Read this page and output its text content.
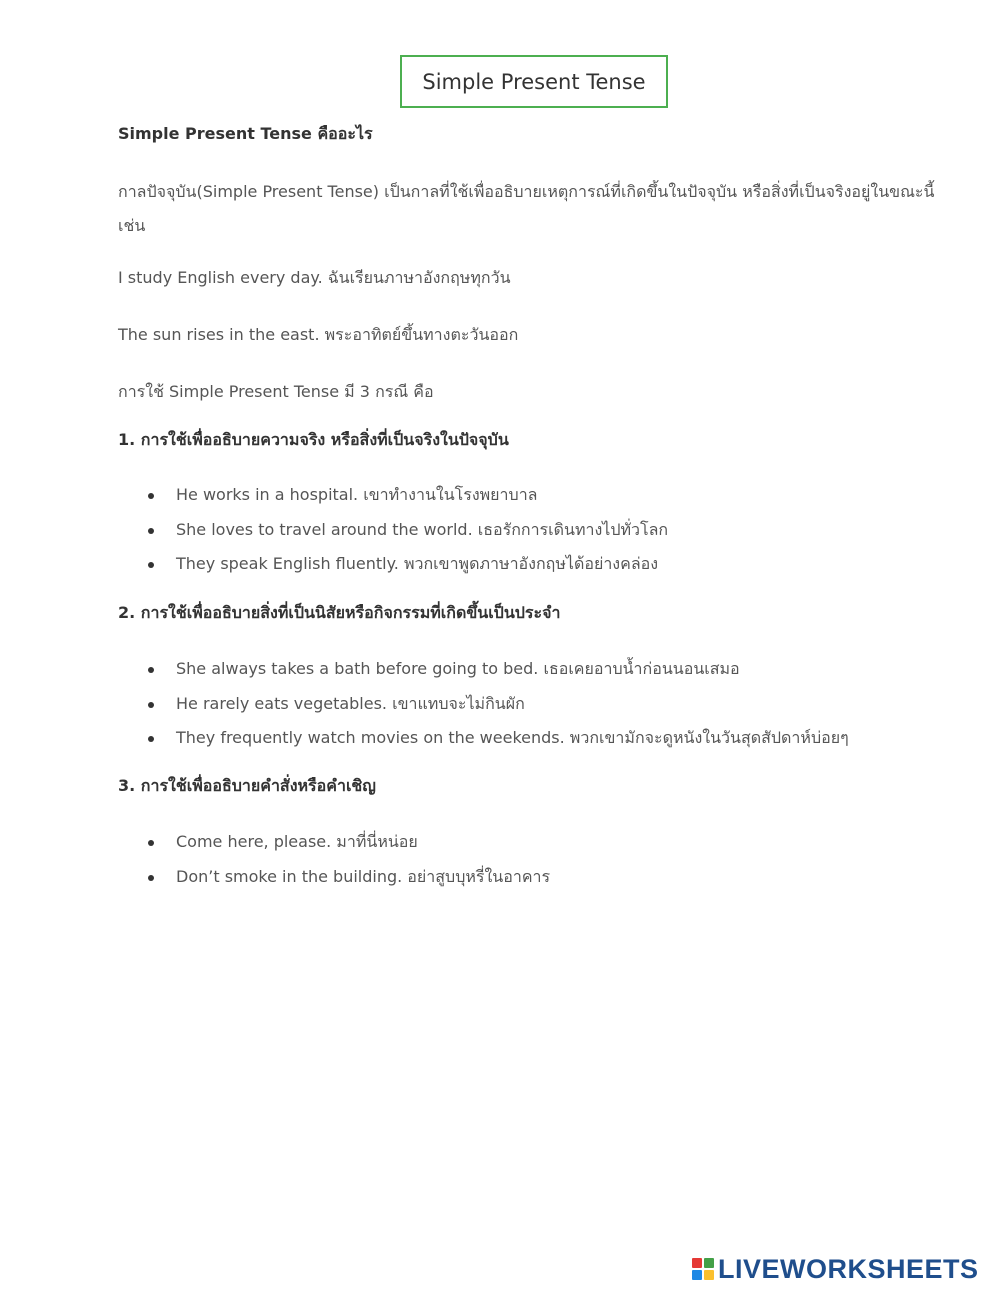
Simple Present Tense

Simple Present Tense คืออะไร

กาลปัจจุบัน(Simple Present Tense) เป็นกาลที่ใช้เพื่ออธิบายเหตุการณ์ที่เกิดขึ้นในปัจจุบัน หรือสิ่งที่เป็นจริงอยู่ในขณะนี้ เช่น

I study English every day. ฉันเรียนภาษาอังกฤษทุกวัน

The sun rises in the east. พระอาทิตย์ขึ้นทางตะวันออก

การใช้ Simple Present Tense มี 3 กรณี คือ

1. การใช้เพื่ออธิบายความจริง หรือสิ่งที่เป็นจริงในปัจจุบัน

He works in a hospital. เขาทำงานในโรงพยาบาล
She loves to travel around the world. เธอรักการเดินทางไปทั่วโลก
They speak English fluently. พวกเขาพูดภาษาอังกฤษได้อย่างคล่อง

2. การใช้เพื่ออธิบายสิ่งที่เป็นนิสัยหรือกิจกรรมที่เกิดขึ้นเป็นประจำ

She always takes a bath before going to bed. เธอเคยอาบน้ำก่อนนอนเสมอ
He rarely eats vegetables. เขาแทบจะไม่กินผัก
They frequently watch movies on the weekends. พวกเขามักจะดูหนังในวันสุดสัปดาห์บ่อยๆ

3. การใช้เพื่ออธิบายคำสั่งหรือคำเชิญ

Come here, please. มาที่นี่หน่อย
Don’t smoke in the building. อย่าสูบบุหรี่ในอาคาร
LIVEWORKSHEETS
